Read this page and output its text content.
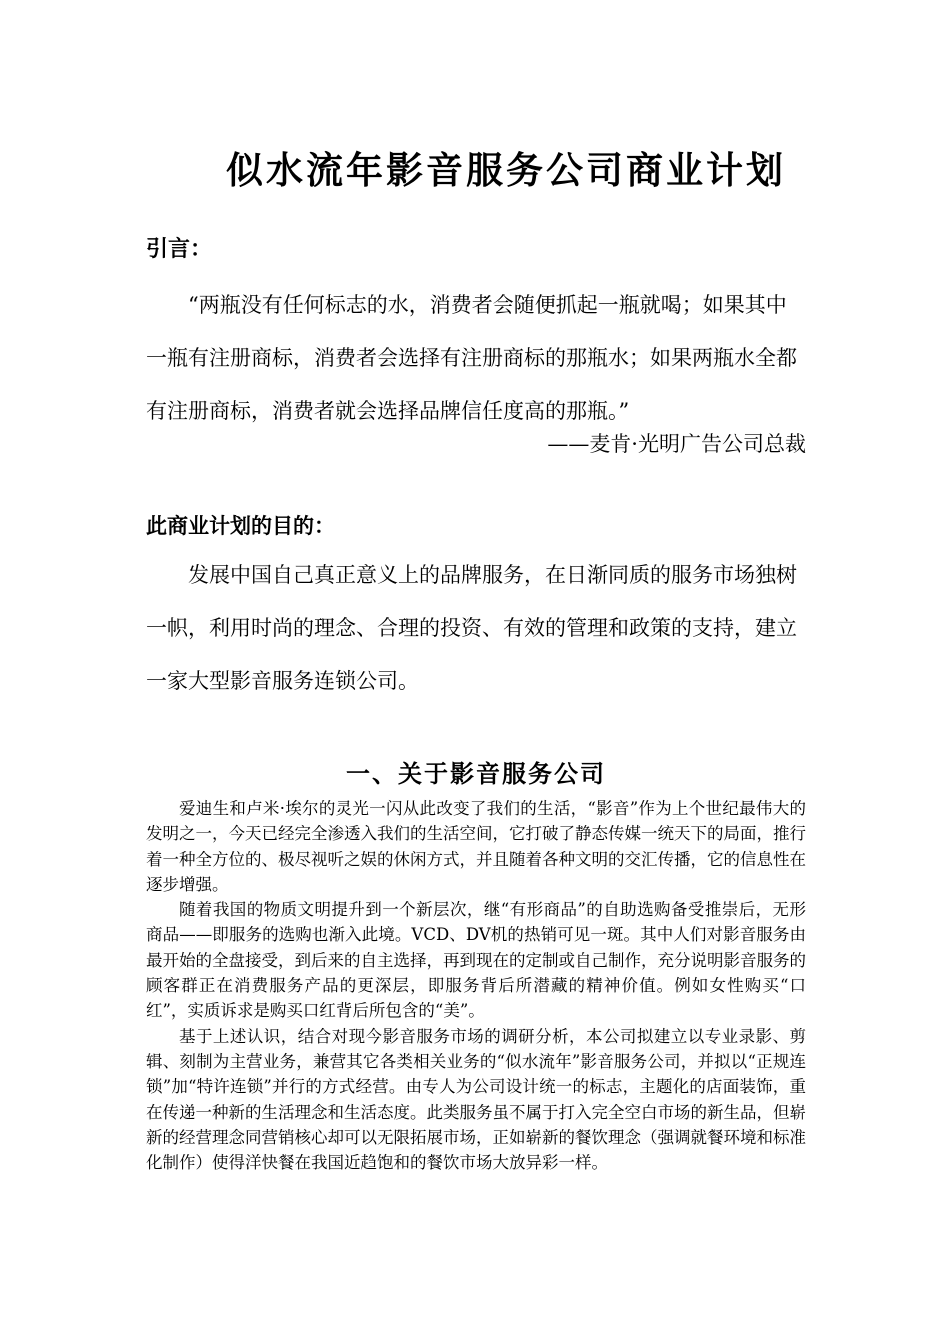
似水流年影音服务公司商业计划
引言：

“两瓶没有任何标志的水，消费者会随便抓起一瓶就喝；如果其中一瓶有注册商标，消费者会选择有注册商标的那瓶水；如果两瓶水全都有注册商标，消费者就会选择品牌信任度高的那瓶。”

——麦肯·光明广告公司总裁
此商业计划的目的：

发展中国自己真正意义上的品牌服务，在日渐同质的服务市场独树一帜，利用时尚的理念、合理的投资、有效的管理和政策的支持，建立一家大型影音服务连锁公司。

一、关于影音服务公司

爱迪生和卢米·埃尔的灵光一闪从此改变了我们的生活，“影音”作为上个世纪最伟大的发明之一，今天已经完全渗透入我们的生活空间，它打破了静态传媒一统天下的局面，推行着一种全方位的、极尽视听之娱的休闲方式，并且随着各种文明的交汇传播，它的信息性在逐步增强。

随着我国的物质文明提升到一个新层次，继“有形商品”的自助选购备受推崇后，无形商品——即服务的选购也渐入此境。VCD、DV机的热销可见一斑。其中人们对影音服务由最开始的全盘接受，到后来的自主选择，再到现在的定制或自己制作，充分说明影音服务的顾客群正在消费服务产品的更深层，即服务背后所潜藏的精神价值。例如女性购买“口红”，实质诉求是购买口红背后所包含的“美”。

基于上述认识，结合对现今影音服务市场的调研分析，本公司拟建立以专业录影、剪辑、刻制为主营业务，兼营其它各类相关业务的“似水流年”影音服务公司，并拟以“正规连锁”加“特许连锁”并行的方式经营。由专人为公司设计统一的标志，主题化的店面装饰，重在传递一种新的生活理念和生活态度。此类服务虽不属于打入完全空白市场的新生品，但崭新的经营理念同营销核心却可以无限拓展市场，正如崭新的餐饮理念（强调就餐环境和标准化制作）使得洋快餐在我国近趋饱和的餐饮市场大放异彩一样。
